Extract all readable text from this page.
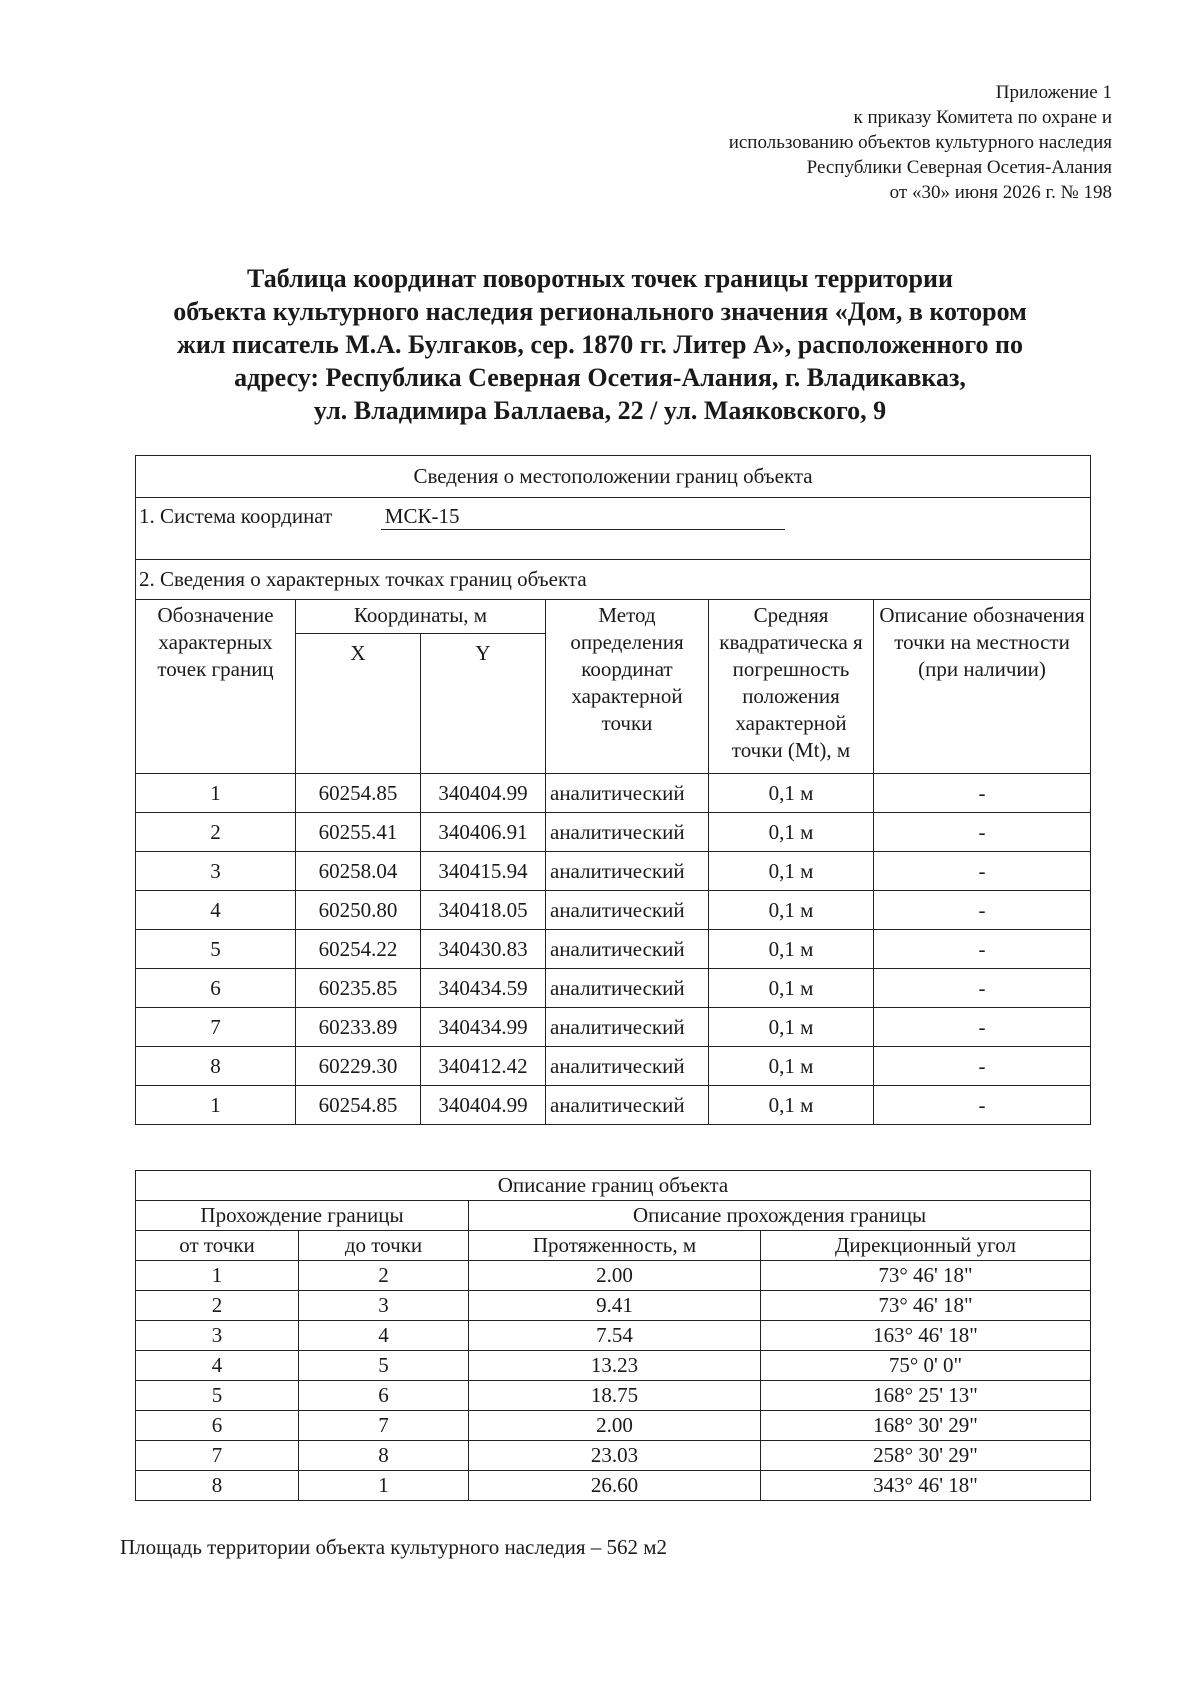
Приложение 1
к приказу Комитета по охране и
использованию объектов культурного наследия
Республики Северная Осетия-Алания
от «30» июня 2026 г. № 198
Таблица координат поворотных точек границы территории
объекта культурного наследия регионального значения «Дом, в котором
жил писатель М.А. Булгаков, сер. 1870 гг. Литер А», расположенного по
адресу: Республика Северная Осетия-Алания, г. Владикавказ,
ул. Владимира Баллаева, 22 / ул. Маяковского, 9
Сведения о местоположении границ объекта					
1. Система координат МСК-15					
2. Сведения о характерных точках границ объекта					
Обозначение характерных точек границ	Координаты, м		Метод определения координат характерной точки	Средняя квадратическа я погрешность положения характерной точки (Mt), м	Описание обозначения точки на местности (при наличии)
	X	Y			
1	60254.85	340404.99	аналитический	0,1 м	-
2	60255.41	340406.91	аналитический	0,1 м	-
3	60258.04	340415.94	аналитический	0,1 м	-
4	60250.80	340418.05	аналитический	0,1 м	-
5	60254.22	340430.83	аналитический	0,1 м	-
6	60235.85	340434.59	аналитический	0,1 м	-
7	60233.89	340434.99	аналитический	0,1 м	-
8	60229.30	340412.42	аналитический	0,1 м	-
1	60254.85	340404.99	аналитический	0,1 м	-
Описание границ объекта			
Прохождение границы		Описание прохождения границы	
от точки	до точки	Протяженность, м	Дирекционный угол
1	2	2.00	73° 46' 18"
2	3	9.41	73° 46' 18"
3	4	7.54	163° 46' 18"
4	5	13.23	75° 0' 0"
5	6	18.75	168° 25' 13"
6	7	2.00	168° 30' 29"
7	8	23.03	258° 30' 29"
8	1	26.60	343° 46' 18"
Площадь территории объекта культурного наследия – 562 м2
